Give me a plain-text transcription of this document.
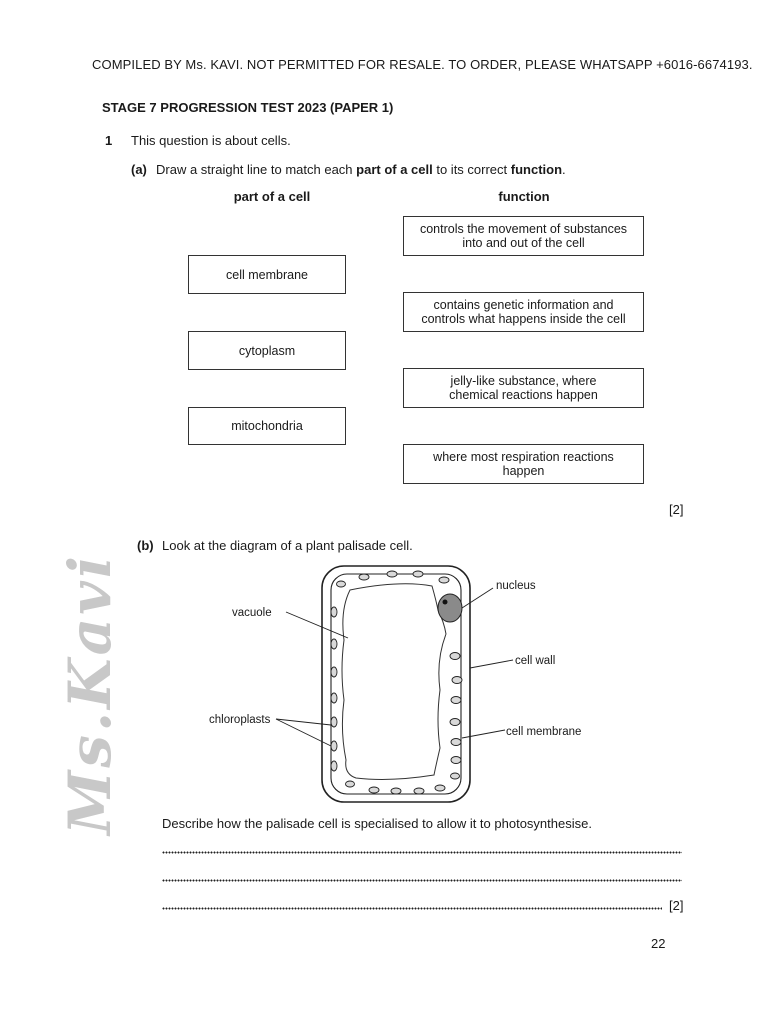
COMPILED BY Ms. KAVI. NOT PERMITTED FOR RESALE. TO ORDER, PLEASE WHATSAPP +6016-6674193.
STAGE 7 PROGRESSION TEST 2023 (PAPER 1)
1 This question is about cells.
(a) Draw a straight line to match each part of a cell to its correct function.
part of a cell	function
cell membrane
cytoplasm
mitochondria
controls the movement of substances
into and out of the cell
contains genetic information and
controls what happens inside the cell
jelly-like substance, where
chemical reactions happen
where most respiration reactions
happen
[2]
(b) Look at the diagram of a plant palisade cell.
Ms.Kavi	vacuole
nucleus
cell wall
chloroplasts
cell membrane
Describe how the palisade cell is specialised to allow it to photosynthesise.
[2]
22
